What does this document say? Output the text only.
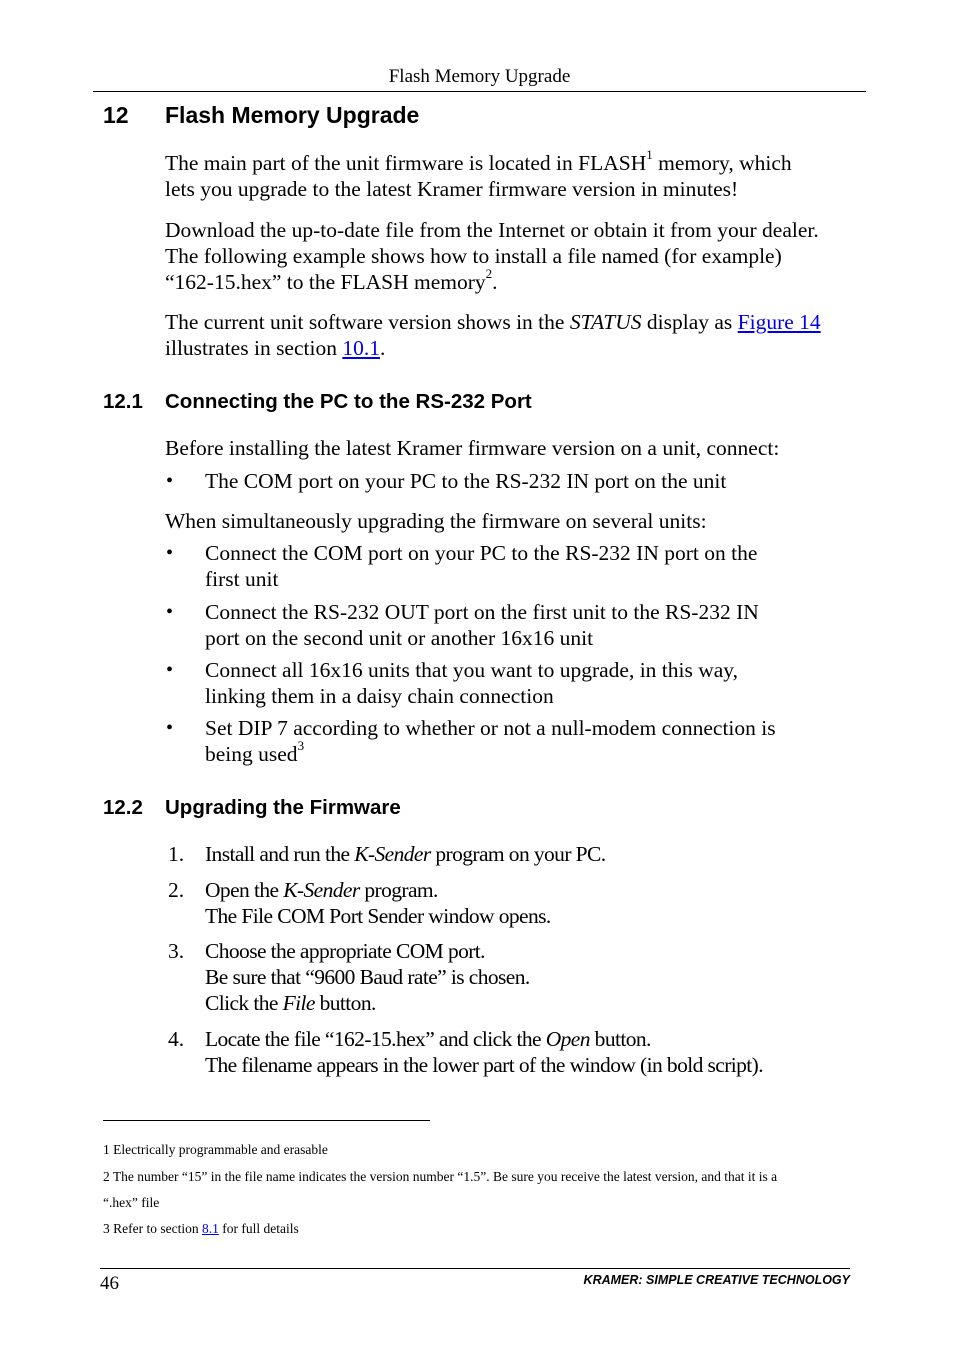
Flash Memory Upgrade
12 Flash Memory Upgrade
The main part of the unit firmware is located in FLASH$^1$ memory, which
lets you upgrade to the latest Kramer firmware version in minutes!
Download the up-to-date file from the Internet or obtain it from your dealer.
The following example shows how to install a file named (for example)
“162-15.hex” to the FLASH memory$^2$.
The current unit software version shows in the STATUS display as Figure 14
illustrates in section 10.1.
12.1 Connecting the PC to the RS-232 Port
Before installing the latest Kramer firmware version on a unit, connect:
• The COM port on your PC to the RS-232 IN port on the unit
When simultaneously upgrading the firmware on several units:
• Connect the COM port on your PC to the RS-232 IN port on the
first unit
• Connect the RS-232 OUT port on the first unit to the RS-232 IN
port on the second unit or another 16x16 unit
• Connect all 16x16 units that you want to upgrade, in this way,
linking them in a daisy chain connection
• Set DIP 7 according to whether or not a null-modem connection is
being used$^3$
12.2 Upgrading the Firmware
1. Install and run the K-Sender program on your PC.
2. Open the K-Sender program.
The File COM Port Sender window opens.
3. Choose the appropriate COM port.
Be sure that “9600 Baud rate” is chosen.
Click the File button.
4. Locate the file “162-15.hex” and click the Open button.
The filename appears in the lower part of the window (in bold script).
1 Electrically programmable and erasable
2 The number “15” in the file name indicates the version number “1.5”. Be sure you receive the latest version, and that it is a
“.hex” file
3 Refer to section 8.1 for full details
46	KRAMER: SIMPLE CREATIVE TECHNOLOGY
